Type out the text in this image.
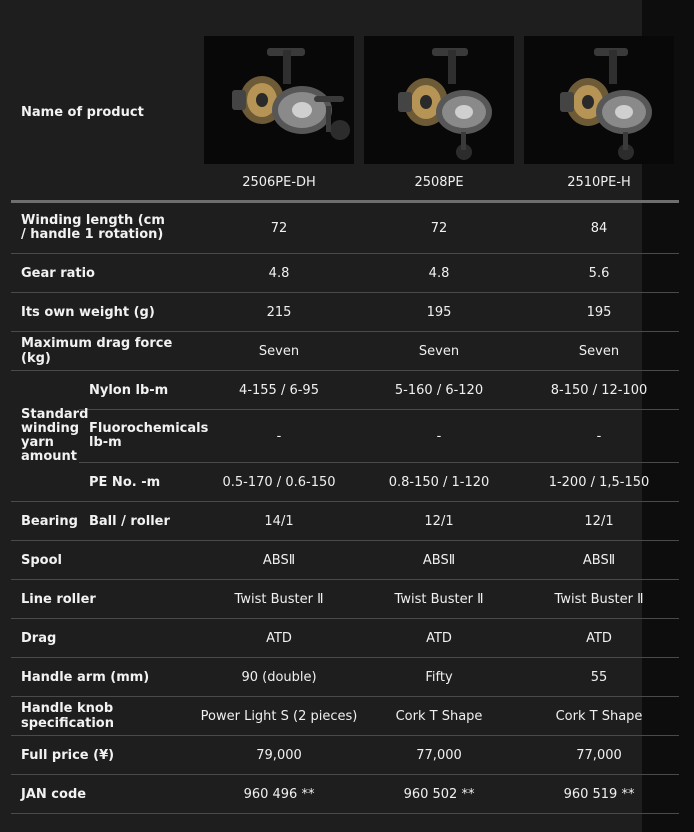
Name of product	

		2506PE-DH	2508PE	2510PE-H

Winding length (cm / handle 1 rotation)		72	72	84
Gear ratio		4.8	4.8	5.6
Its own weight (g)		215	195	195
Maximum drag force (kg)		Seven	Seven	Seven

Standard winding yarn amount	Nylon lb-m	4-155 / 6-95	5-160 / 6-120	8-150 / 12-100

	Fluorochemicals lb-m	-	-	-
	PE No. -m	0.5-170 / 0.6-150	0.8-150 / 1-120	1-200 / 1,5-150
Bearing	Ball / roller	14/1	12/1	12/1
Spool		ABSⅡ	ABSⅡ	ABSⅡ
Line roller		Twist Buster Ⅱ	Twist Buster Ⅱ	Twist Buster Ⅱ
Drag		ATD	ATD	ATD
Handle arm (mm)		90 (double)	Fifty	55
Handle knob specification		Power Light S (2 pieces)	Cork T Shape	Cork T Shape
Full price (¥)		79,000	77,000	77,000
JAN code		960 496 **	960 502 **	960 519 **
